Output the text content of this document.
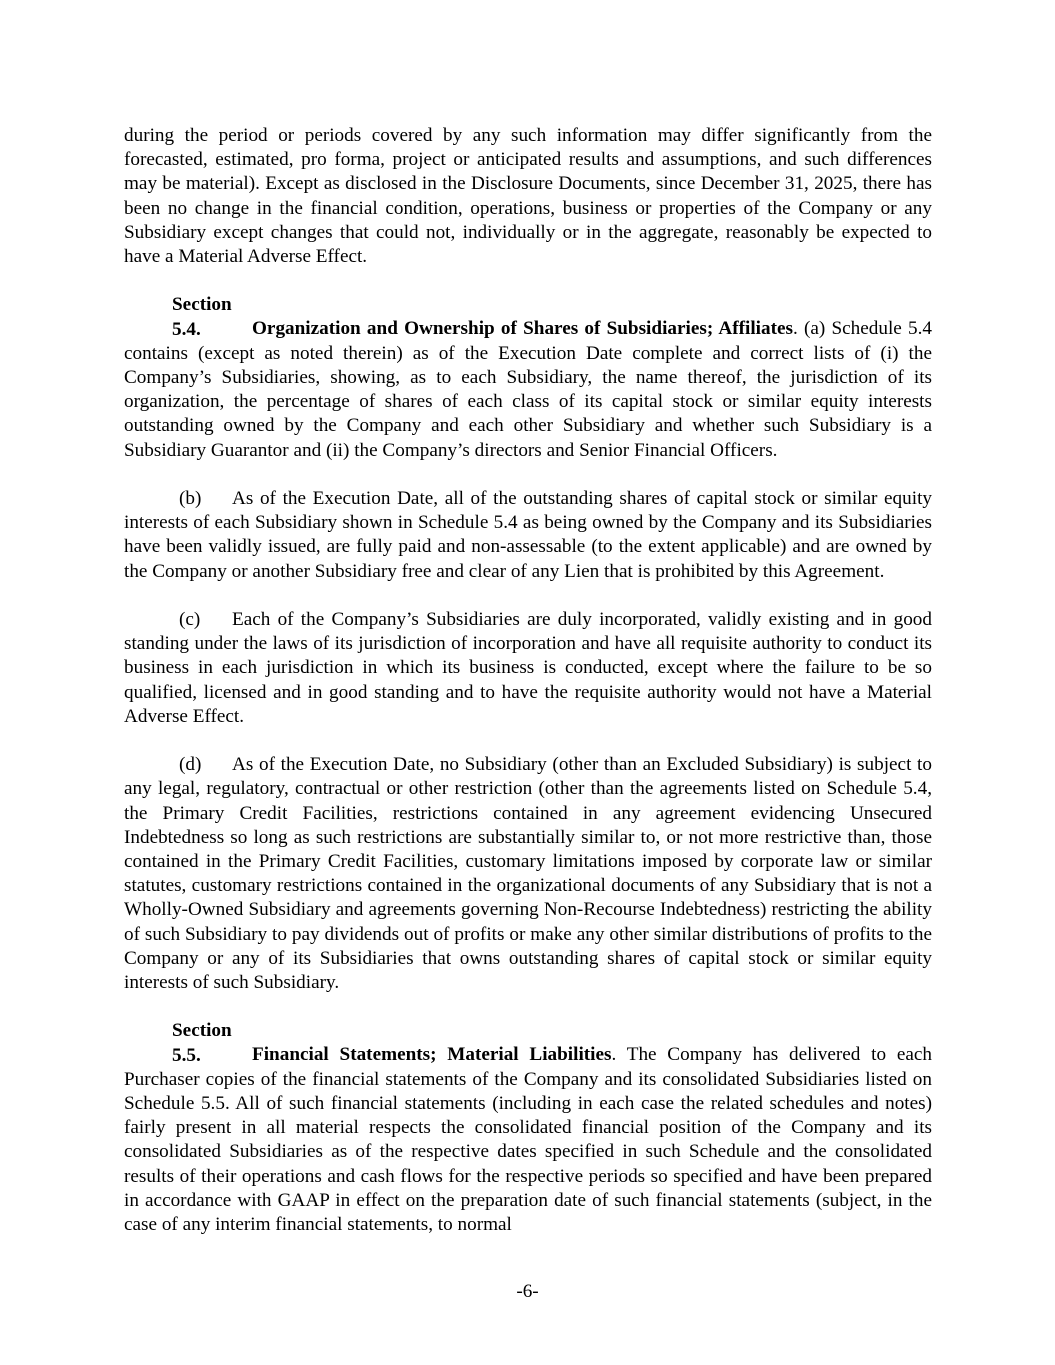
during the period or periods covered by any such information may differ significantly from the forecasted, estimated, pro forma, project or anticipated results and assumptions, and such differences may be material). Except as disclosed in the Disclosure Documents, since December 31, 2025, there has been no change in the financial condition, operations, business or properties of the Company or any Subsidiary except changes that could not, individually or in the aggregate, reasonably be expected to have a Material Adverse Effect.

Section 5.4.	Organization and Ownership of Shares of Subsidiaries; Affiliates. (a) Schedule 5.4 contains (except as noted therein) as of the Execution Date complete and correct lists of (i) the Company’s Subsidiaries, showing, as to each Subsidiary, the name thereof, the jurisdiction of its organization, the percentage of shares of each class of its capital stock or similar equity interests outstanding owned by the Company and each other Subsidiary and whether such Subsidiary is a Subsidiary Guarantor and (ii) the Company’s directors and Senior Financial Officers.

(b) As of the Execution Date, all of the outstanding shares of capital stock or similar equity interests of each Subsidiary shown in Schedule 5.4 as being owned by the Company and its Subsidiaries have been validly issued, are fully paid and non-assessable (to the extent applicable) and are owned by the Company or another Subsidiary free and clear of any Lien that is prohibited by this Agreement.

(c) Each of the Company’s Subsidiaries are duly incorporated, validly existing and in good standing under the laws of its jurisdiction of incorporation and have all requisite authority to conduct its business in each jurisdiction in which its business is conducted, except where the failure to be so qualified, licensed and in good standing and to have the requisite authority would not have a Material Adverse Effect.

(d) As of the Execution Date, no Subsidiary (other than an Excluded Subsidiary) is subject to any legal, regulatory, contractual or other restriction (other than the agreements listed on Schedule 5.4, the Primary Credit Facilities, restrictions contained in any agreement evidencing Unsecured Indebtedness so long as such restrictions are substantially similar to, or not more restrictive than, those contained in the Primary Credit Facilities, customary limitations imposed by corporate law or similar statutes, customary restrictions contained in the organizational documents of any Subsidiary that is not a Wholly-Owned Subsidiary and agreements governing Non-Recourse Indebtedness) restricting the ability of such Subsidiary to pay dividends out of profits or make any other similar distributions of profits to the Company or any of its Subsidiaries that owns outstanding shares of capital stock or similar equity interests of such Subsidiary.

Section 5.5.	Financial Statements; Material Liabilities. The Company has delivered to each Purchaser copies of the financial statements of the Company and its consolidated Subsidiaries listed on Schedule 5.5. All of such financial statements (including in each case the related schedules and notes) fairly present in all material respects the consolidated financial position of the Company and its consolidated Subsidiaries as of the respective dates specified in such Schedule and the consolidated results of their operations and cash flows for the respective periods so specified and have been prepared in accordance with GAAP in effect on the preparation date of such financial statements (subject, in the case of any interim financial statements, to normal

-6-
